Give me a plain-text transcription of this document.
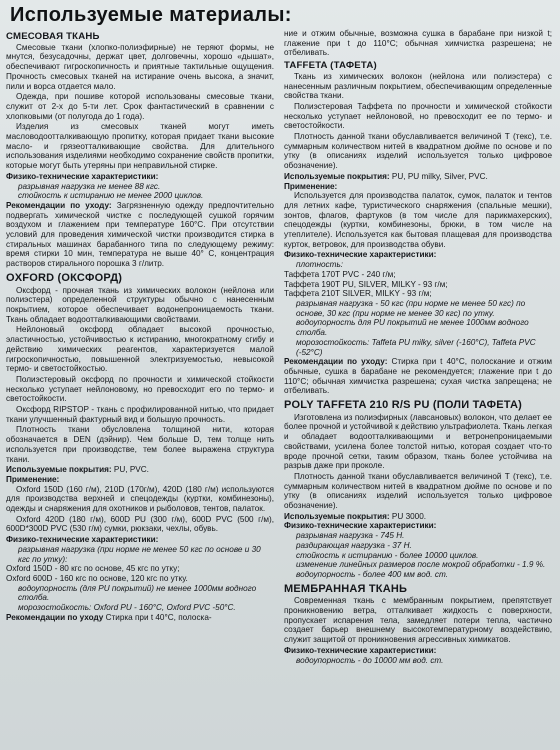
Используемые материалы:
СМЕСОВАЯ ТКАНЬ

Смесовые ткани (хлопко-полиэфирные) не теряют формы, не мнутся, безусадочны, держат цвет, долговечны, хорошо «дышат», обеспечивают гигроскопичность и приятные тактильные ощущения. Прочность смесовых тканей на истирание очень высока, а значит, пили и ворса отдается мало.

Одежда, при пошиве которой использованы смесовые ткани, служит от 2-х до 5-ти лет. Срок фантастический в сравнении с хлопковыми (от полугода до 1 года).

Изделия из смесовых тканей могут иметь масловодоотталкивающую пропитку, которая придает ткани высокие масло- и грязеотталкивающие свойства. Для длительного использования изделиями необходимо сохранение свойств пропитки, которые могут быть утеряны при неправильной стирке.

Физико-технические характеристики:
разрывная нагрузка не менее 88 кгс.
стойкость к истиранию не менее 2000 циклов.

Рекомендации по уходу: Загрязненную одежду предпочтительно подвергать химической чистке с последующей сушкой горячим воздухом и глажением при температуре 160°С. При отсутствии условий для проведения химической чистки производится стирка в стиральных машинах барабанного типа по следующему режиму: время стирки 10 мин, температура не выше 40° С, концентрация растворов стирального порошка 3 г/литр.

OXFORD (ОКСФОРД)

Оксфорд - прочная ткань из химических волокон (нейлона или полиэстера) определенной структуры обычно с нанесенным покрытием, которое обеспечивает водонепроницаемость ткани. Ткань обладает водоотталкивающими свойствами.

Нейлоновый оксфорд обладает высокой прочностью, эластичностью, устойчивостью к истиранию, многократному сгибу и действию химических реагентов, характеризуется малой гигроскопичностью, повышенной электризуемостью, невысокой термо- и светостойкостью.

Полиэстеровый оксфорд по прочности и химической стойкости несколько уступает нейлоновому, но превосходит его по термо- и светостойкости.

Оксфорд RIPSTOP - ткань с профилированной нитью, что придает ткани улучшенный фактурный вид и большую прочность.

Плотность ткани обусловлена толщиной нити, которая обозначается в DEN (дэйнир). Чем больше D, тем толще нить используется при производстве, тем более выражена структура ткани.

Используемые покрытия: PU, PVC.
Применение:

Oxford 150D (160 г/м), 210D (170г/м), 420D (180 г/м) используются для производства верхней и спецодежды (куртки, комбинезоны), одежды и снаряжения для охотников и рыболовов, тентов, палаток.

Oxford 420D (180 г/м), 600D PU (300 г/м), 600D PVC (500 г/м), 600D*300D PVC (530 г/м) сумки, рюкзаки, чехлы, обувь.

Физико-технические характеристики:
разрывная нагрузка (при норме не менее 50 кгс по основе и 30 кгс по утку):
Oxford 150D - 80 кгс по основе, 45 кгс по утку;
Oxford 600D - 160 кгс по основе, 120 кгс по утку.
водоупорность (для PU покрытий) не менее 1000мм водного столба.
морозостойкость: Oxford PU - 160°С, Oxford PVC -50°С.
Рекомендации по уходу Стирка при t 40°С, полоска-

ние и отжим обычные, возможна сушка в барабане при низкой t; глажение при t до 110°С; обычная химчистка разрешена; не отбеливать.

TAFFETA (ТАФЕТА)

Ткань из химических волокон (нейлона или полиэстера) с нанесенным различным покрытием, обеспечивающим определенные свойства ткани.

Полиэстеровая Таффета по прочности и химической стойкости несколько уступает нейлоновой, но превосходит ее по термо- и светостойкости.

Плотность данной ткани обуславливается величиной Т (текс), т.е. суммарным количеством нитей в квадратном дюйме по основе и по утку (в описаниях изделий используется только цифровое обозначение).

Используемые покрытия: PU, PU milky, Silver, PVC.
Применение:

Используется для производства палаток, сумок, палаток и тентов для летних кафе, туристического снаряжения (спальные мешки), зонтов, флагов, фартуков (в том числе для парикмахерских), спецодежды (куртки, комбинезоны, брюки, в том числе на утеплителе). Используется как бытовая плащевая для производства курток, ветровок, для производства обуви.

Физико-технические характеристики:
плотность:
Таффета 170Т PVC - 240 г/м;
Таффета 190Т PU, SILVER, MILKY - 93 г/м;
Таффета 210Т SILVER, MILKY - 93 г/м;
разрывная нагрузка - 50 кгс (при норме не менее 50 кгс) по основе, 30 кгс (при норме не менее 30 кгс) по утку.
водоупорность для PU покрытий не менее 1000мм водного столба.
морозостойкость: Taffeta PU milky, silver (-160°С), Taffeta PVC (-52°С)

Рекомендации по уходу: Стирка при t 40°С, полоскание и отжим обычные, сушка в барабане не рекомендуется; глажение при t до 110°С; обычная химчистка разрешена; сухая чистка запрещена; не отбеливать.

POLY TAFFETA 210 R/S PU (ПОЛИ ТАФЕТА)

Изготовлена из полиэфирных (лавсановых) волокон, что делает ее более прочной и устойчивой к действию ультрафиолета. Ткань легкая и обладает водоотталкивающими и ветронепроницаемыми свойствами, усилена более толстой нитью, которая создает что-то вроде прочной сетки, таким образом, ткань более устойчива на разрыв даже при проколе.

Плотность данной ткани обуславливается величиной Т (текс), т.е. суммарным количеством нитей в квадратном дюйме по основе и по утку (в описаниях изделий используется только цифровое обозначение).

Используемые покрытия: PU 3000.
Физико-технические характеристики:
разрывная нагрузка - 745 Н.
раздирающая нагрузка - 37 Н.
стойкость к истиранию - более 10000 циклов.
изменение линейных размеров после мокрой обработки - 1.9 %.
водоупорность - более 400 мм вод. ст.
МЕМБРАННАЯ ТКАНЬ

Современная ткань с мембранным покрытием, препятствует проникновению ветра, отталкивает жидкость с поверхности, пропускает испарения тела, замедляет потери тепла, частично создает барьер внешнему высокотемпературному воздействию, служит защитой от проникновения агрессивных химикатов.

Физико-технические характеристики:
водоупорность - до 10000 мм вод. ст.
